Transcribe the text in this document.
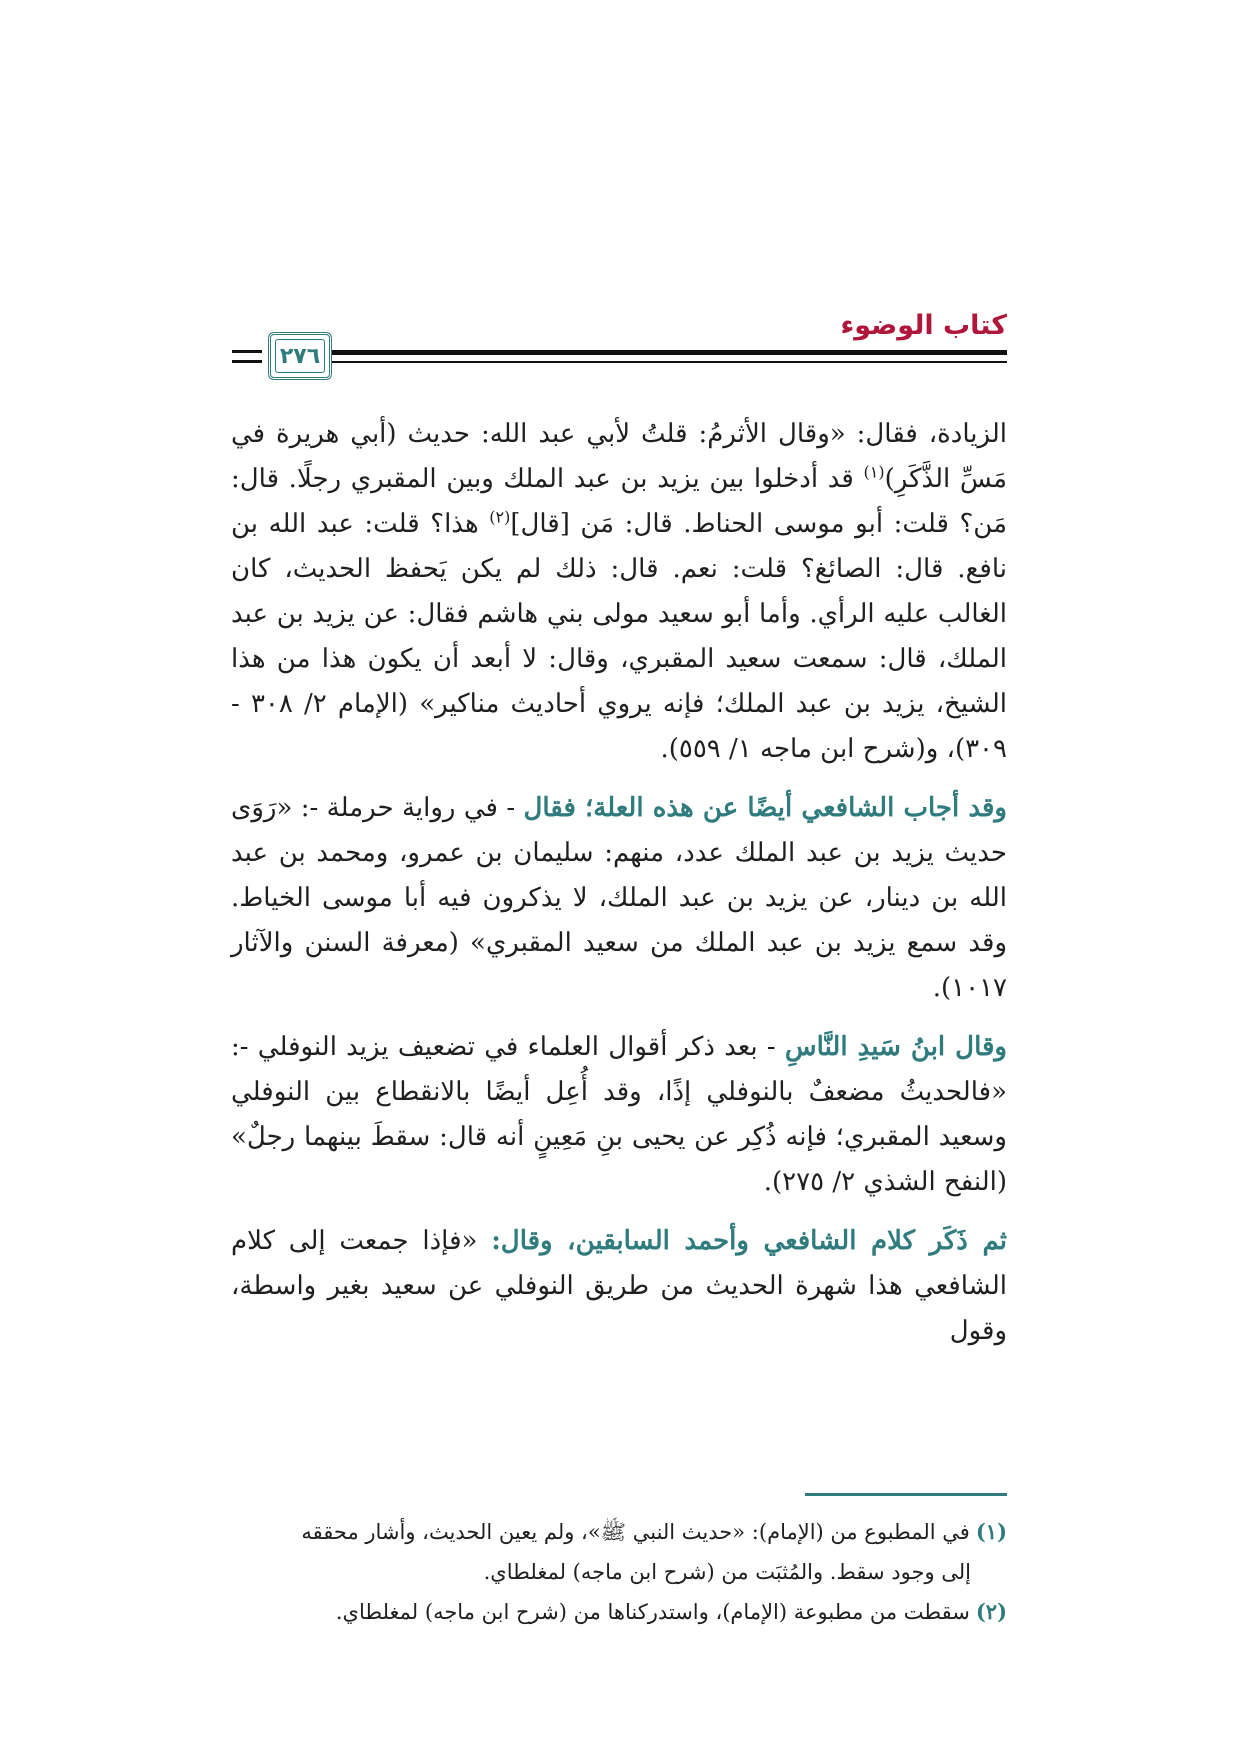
كتاب الوضوء
٢٧٦

الزيادة، فقال: «وقال الأثرمُ: قلتُ لأبي عبد الله: حديث (أبي هريرة في مَسِّ الذَّكَرِ)$^{(١)}$ قد أدخلوا بين يزيد بن عبد الملك وبين المقبري رجلًا. قال: مَن؟ قلت: أبو موسى الحناط. قال: مَن [قال]$^{(٢)}$ هذا؟ قلت: عبد الله بن نافع. قال: الصائغ؟ قلت: نعم. قال: ذلك لم يكن يَحفظ الحديث، كان الغالب عليه الرأي. وأما أبو سعيد مولى بني هاشم فقال: عن يزيد بن عبد الملك، قال: سمعت سعيد المقبري، وقال: لا أبعد أن يكون هذا من هذا الشيخ، يزيد بن عبد الملك؛ فإنه يروي أحاديث مناكير» (الإمام ٢/ ٣٠٨ - ٣٠٩)، و(شرح ابن ماجه ١/ ٥٥٩).

وقد أجاب الشافعي أيضًا عن هذه العلة؛ فقال - في رواية حرملة -: «رَوَى حديث يزيد بن عبد الملك عدد، منهم: سليمان بن عمرو، ومحمد بن عبد الله بن دينار، عن يزيد بن عبد الملك، لا يذكرون فيه أبا موسى الخياط. وقد سمع يزيد بن عبد الملك من سعيد المقبري» (معرفة السنن والآثار ١٠١٧).

وقال ابنُ سَيدِ النَّاسِ - بعد ذكر أقوال العلماء في تضعيف يزيد النوفلي -: «فالحديثُ مضعفٌ بالنوفلي إذًا، وقد أُعِل أيضًا بالانقطاع بين النوفلي وسعيد المقبري؛ فإنه ذُكِر عن يحيى بنِ مَعِينٍ أنه قال: سقطَ بينهما رجلٌ» (النفح الشذي ٢/ ٢٧٥).

ثم ذَكَر كلام الشافعي وأحمد السابقين، وقال: «فإذا جمعت إلى كلام الشافعي هذا شهرة الحديث من طريق النوفلي عن سعيد بغير واسطة، وقول

(١)في المطبوع من (الإمام): «حديث النبي ﷺ»، ولم يعين الحديث، وأشار محققه

إلى وجود سقط. والمُثبَت من (شرح ابن ماجه) لمغلطاي.

(٢)سقطت من مطبوعة (الإمام)، واستدركناها من (شرح ابن ماجه) لمغلطاي.
